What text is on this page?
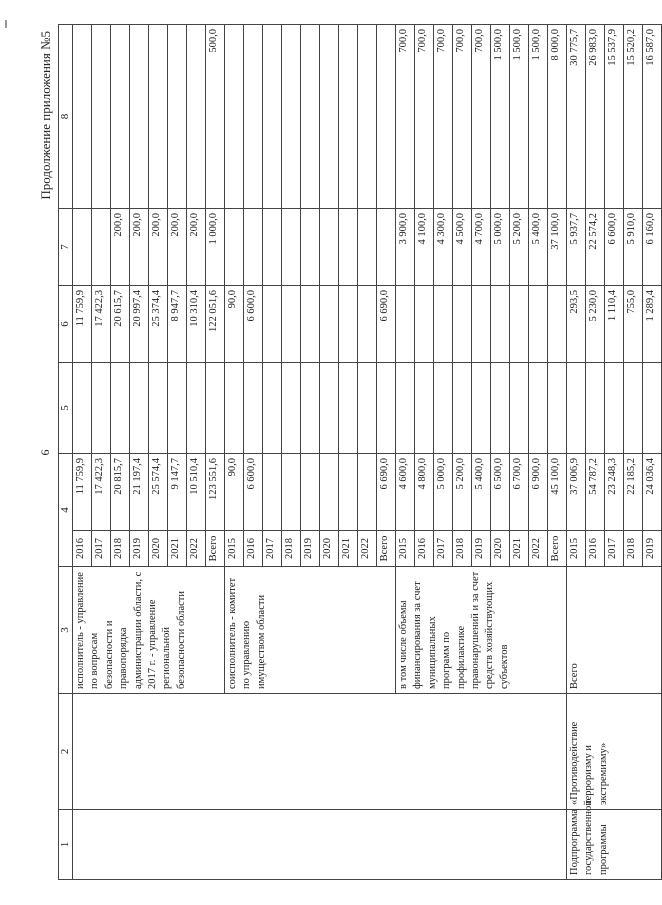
6
Продолжение приложения №5
1	2	3	4		5	6	7	8
		исполнитель - управление по вопросам безопасности и правопорядка администрации области, с 2017 г. - управление региональной безопасности области	2016	11 759,9		11 759,9		
			2017	17 422,3		17 422,3		
			2018	20 815,7		20 615,7	200,0	
			2019	21 197,4		20 997,4	200,0	
			2020	25 574,4		25 374,4	200,0	
			2021	9 147,7		8 947,7	200,0	
			2022	10 510,4		10 310,4	200,0	
			Всего	123 551,6		122 051,6	1 000,0	500,0
		соисполнитель - комитет по управлению имуществом области	2015	90,0		90,0		
			2016	6 600,0		6 600,0		
			2017					
			2018					
			2019					
			2020					
			2021					
			2022					
			Всего	6 690,0		6 690,0		
		в том числе объемы финансирования за счет муниципальных программ по профилактике правонарушений и за счет средств хозяйствующих субъектов	2015	4 600,0			3 900,0	700,0
			2016	4 800,0			4 100,0	700,0
			2017	5 000,0			4 300,0	700,0
			2018	5 200,0			4 500,0	700,0
			2019	5 400,0			4 700,0	700,0
			2020	6 500,0			5 000,0	1 500,0
			2021	6 700,0			5 200,0	1 500,0
			2022	6 900,0			5 400,0	1 500,0
			Всего	45 100,0			37 100,0	8 000,0
Подпрограмма государственной программы	«Противодействие терроризму и экстремизму»	Всего	2015	37 006,9		293,5	5 937,7	30 775,7
			2016	54 787,2		5 230,0	22 574,2	26 983,0
			2017	23 248,3		1 110,4	6 600,0	15 537,9
			2018	22 185,2		755,0	5 910,0	15 520,2
			2019	24 036,4		1 289,4	6 160,0	16 587,0
